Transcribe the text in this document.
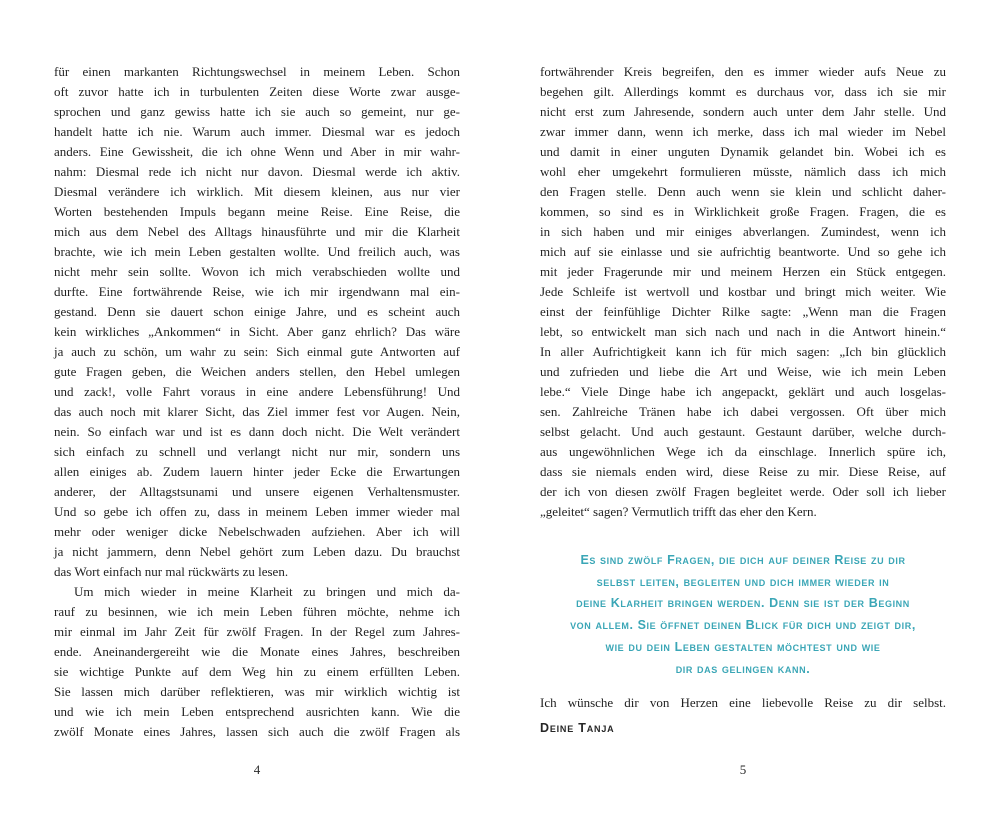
für einen markanten Richtungswechsel in meinem Leben. Schon
oft zuvor hatte ich in turbulenten Zeiten diese Worte zwar ausge-
sprochen und ganz gewiss hatte ich sie auch so gemeint, nur ge-
handelt hatte ich nie. Warum auch immer. Diesmal war es jedoch
anders. Eine Gewissheit, die ich ohne Wenn und Aber in mir wahr-
nahm: Diesmal rede ich nicht nur davon. Diesmal werde ich aktiv.
Diesmal verändere ich wirklich. Mit diesem kleinen, aus nur vier
Worten bestehenden Impuls begann meine Reise. Eine Reise, die
mich aus dem Nebel des Alltags hinausführte und mir die Klarheit
brachte, wie ich mein Leben gestalten wollte. Und freilich auch, was
nicht mehr sein sollte. Wovon ich mich verabschieden wollte und
durfte. Eine fortwährende Reise, wie ich mir irgendwann mal ein-
gestand. Denn sie dauert schon einige Jahre, und es scheint auch
kein wirkliches „Ankommen“ in Sicht. Aber ganz ehrlich? Das wäre
ja auch zu schön, um wahr zu sein: Sich einmal gute Antworten auf
gute Fragen geben, die Weichen anders stellen, den Hebel umlegen
und zack!, volle Fahrt voraus in eine andere Lebensführung! Und
das auch noch mit klarer Sicht, das Ziel immer fest vor Augen. Nein,
nein. So einfach war und ist es dann doch nicht. Die Welt verändert
sich einfach zu schnell und verlangt nicht nur mir, sondern uns
allen einiges ab. Zudem lauern hinter jeder Ecke die Erwartungen
anderer, der Alltagstsunami und unsere eigenen Verhaltensmuster.
Und so gebe ich offen zu, dass in meinem Leben immer wieder mal
mehr oder weniger dicke Nebelschwaden aufziehen. Aber ich will
ja nicht jammern, denn Nebel gehört zum Leben dazu. Du brauchst
das Wort einfach nur mal rückwärts zu lesen.
Um mich wieder in meine Klarheit zu bringen und mich da-
rauf zu besinnen, wie ich mein Leben führen möchte, nehme ich
mir einmal im Jahr Zeit für zwölf Fragen. In der Regel zum Jahres-
ende. Aneinandergereiht wie die Monate eines Jahres, beschreiben
sie wichtige Punkte auf dem Weg hin zu einem erfüllten Leben.
Sie lassen mich darüber reflektieren, was mir wirklich wichtig ist
und wie ich mein Leben entsprechend ausrichten kann. Wie die
zwölf Monate eines Jahres, lassen sich auch die zwölf Fragen als
fortwährender Kreis begreifen, den es immer wieder aufs Neue zu
begehen gilt. Allerdings kommt es durchaus vor, dass ich sie mir
nicht erst zum Jahresende, sondern auch unter dem Jahr stelle. Und
zwar immer dann, wenn ich merke, dass ich mal wieder im Nebel
und damit in einer unguten Dynamik gelandet bin. Wobei ich es
wohl eher umgekehrt formulieren müsste, nämlich dass ich mich
den Fragen stelle. Denn auch wenn sie klein und schlicht daher-
kommen, so sind es in Wirklichkeit große Fragen. Fragen, die es
in sich haben und mir einiges abverlangen. Zumindest, wenn ich
mich auf sie einlasse und sie aufrichtig beantworte. Und so gehe ich
mit jeder Fragerunde mir und meinem Herzen ein Stück entgegen.
Jede Schleife ist wertvoll und kostbar und bringt mich weiter. Wie
einst der feinfühlige Dichter Rilke sagte: „Wenn man die Fragen
lebt, so entwickelt man sich nach und nach in die Antwort hinein.“
In aller Aufrichtigkeit kann ich für mich sagen: „Ich bin glücklich
und zufrieden und liebe die Art und Weise, wie ich mein Leben
lebe.“ Viele Dinge habe ich angepackt, geklärt und auch losgelas-
sen. Zahlreiche Tränen habe ich dabei vergossen. Oft über mich
selbst gelacht. Und auch gestaunt. Gestaunt darüber, welche durch-
aus ungewöhnlichen Wege ich da einschlage. Innerlich spüre ich,
dass sie niemals enden wird, diese Reise zu mir. Diese Reise, auf
der ich von diesen zwölf Fragen begleitet werde. Oder soll ich lieber
„geleitet“ sagen? Vermutlich trifft das eher den Kern.
Es sind zwölf Fragen, die dich auf deiner Reise zu dir
selbst leiten, begleiten und dich immer wieder in
deine Klarheit bringen werden. Denn sie ist der Beginn
von allem. Sie öffnet deinen Blick für dich und zeigt dir,
wie du dein Leben gestalten möchtest und wie
dir das gelingen kann.
Ich wünsche dir von Herzen eine liebevolle Reise zu dir selbst.
Deine Tanja
4	5
